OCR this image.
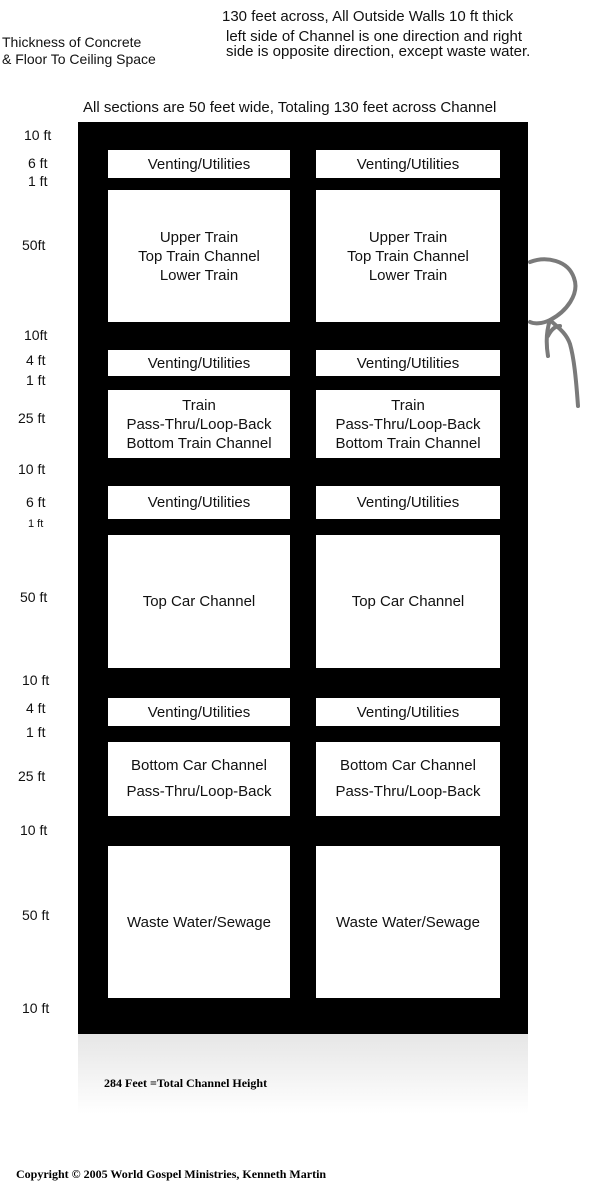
Thickness of Concrete
& Floor To Ceiling Space
130 feet across, All Outside Walls 10 ft thick
left side of Channel is one direction and right
side is opposite direction, except waste water.
All sections are 50 feet wide, Totaling 130 feet across Channel
Venting/Utilities
Upper Train
Top Train Channel
Lower Train
Venting/Utilities
Train
Pass-Thru/Loop-Back
Bottom Train Channel
Venting/Utilities
Top Car Channel
Venting/Utilities
Bottom Car Channel
Pass-Thru/Loop-Back
Waste Water/Sewage
Venting/Utilities
Upper Train
Top Train Channel
Lower Train
Venting/Utilities
Train
Pass-Thru/Loop-Back
Bottom Train Channel
Venting/Utilities
Top Car Channel
Venting/Utilities
Bottom Car Channel
Pass-Thru/Loop-Back
Waste Water/Sewage
10 ft
6 ft
1 ft
50ft
10ft
4 ft
1 ft
25 ft
10 ft
6 ft
1 ft
50 ft
10 ft
4 ft
1 ft
25 ft
10 ft
50 ft
10 ft
284 Feet =Total Channel Height
Copyright © 2005 World Gospel Ministries, Kenneth Martin
